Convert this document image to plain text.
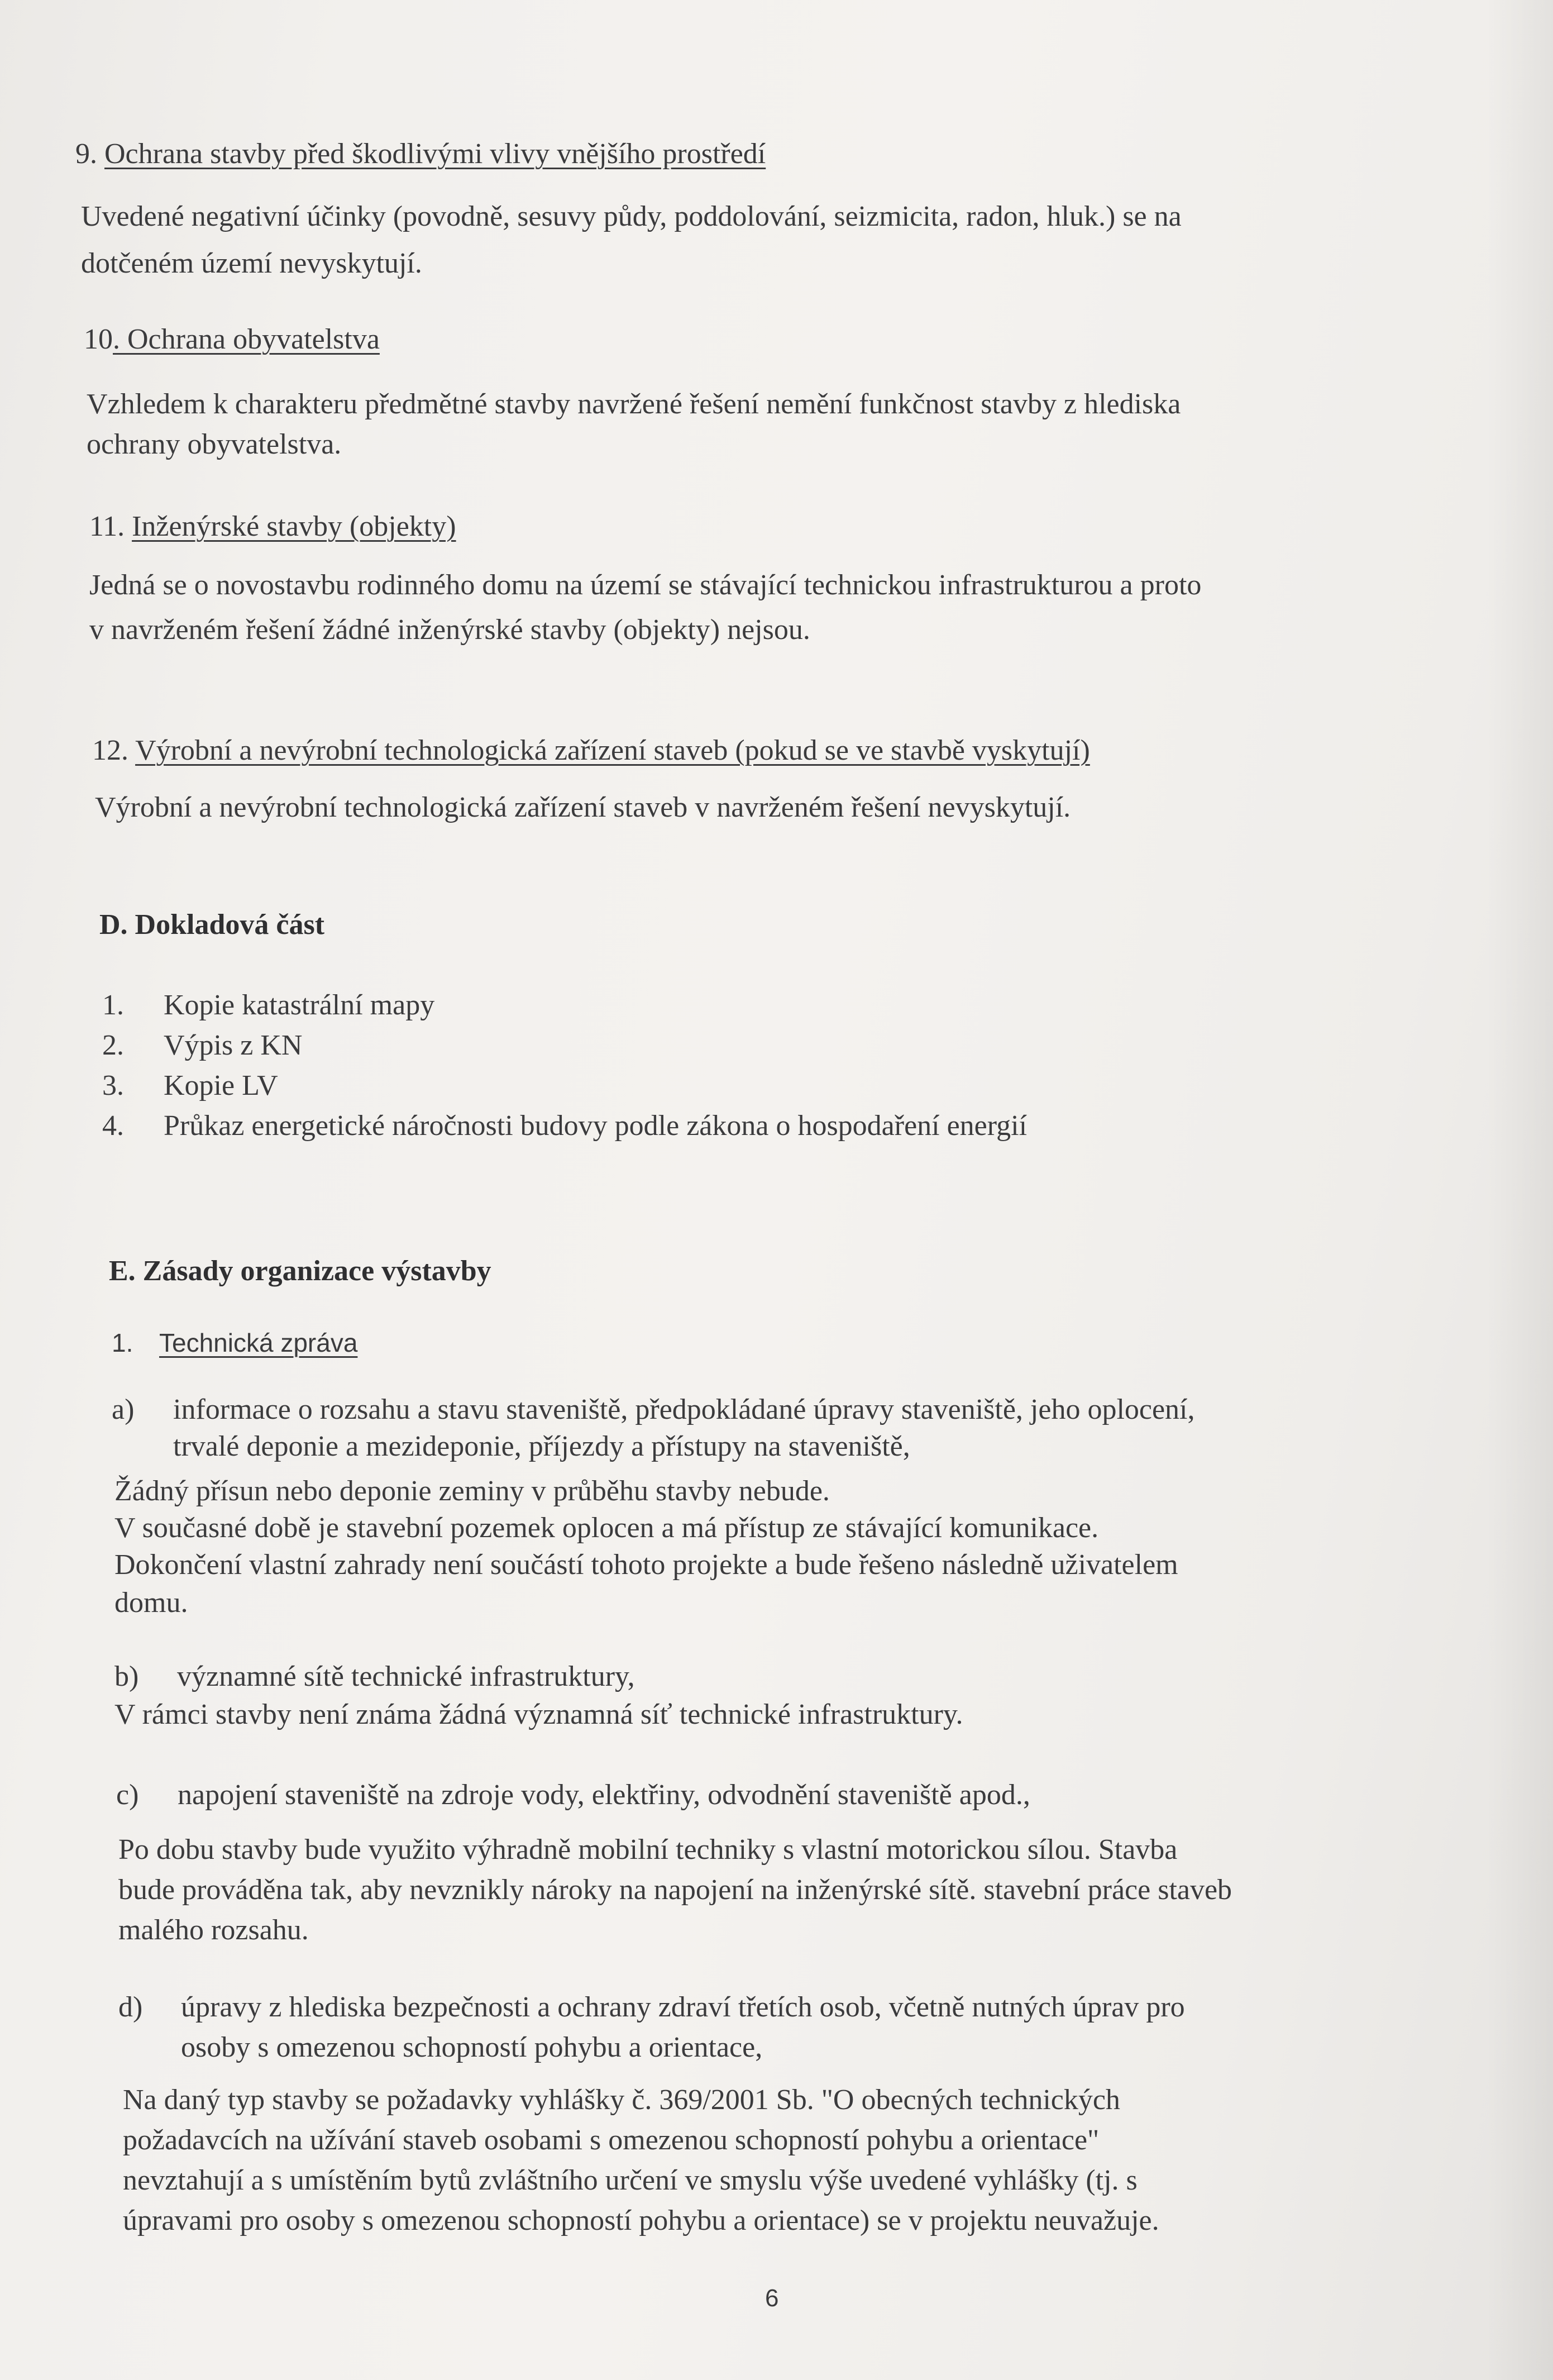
9. Ochrana stavby před škodlivými vlivy vnějšího prostředí

Uvedené negativní účinky (povodně, sesuvy půdy, poddolování, seizmicita, radon, hluk.) se na

dotčeném území nevyskytují.

10. Ochrana obyvatelstva

Vzhledem k charakteru předmětné stavby navržené řešení nemění funkčnost stavby z hlediska

ochrany obyvatelstva.

11. Inženýrské stavby (objekty)

Jedná se o novostavbu rodinného domu na území se stávající technickou infrastrukturou a proto

v navrženém řešení žádné inženýrské stavby (objekty) nejsou.

12. Výrobní a nevýrobní technologická zařízení staveb (pokud se ve stavbě vyskytují)

Výrobní a nevýrobní technologická zařízení staveb v navrženém řešení nevyskytují.

D. Dokladová část

1. Kopie katastrální mapy

2. Výpis z KN

3. Kopie LV

4. Průkaz energetické náročnosti budovy podle zákona o hospodaření energií

E. Zásady organizace výstavby

1. Technická zpráva

a) informace o rozsahu a stavu staveniště, předpokládané úpravy staveniště, jeho oplocení,

trvalé deponie a mezideponie, příjezdy a přístupy na staveniště,

Žádný přísun nebo deponie zeminy v průběhu stavby nebude.

V současné době je stavební pozemek oplocen a má přístup ze stávající komunikace.

Dokončení vlastní zahrady není součástí tohoto projekte a bude řešeno následně uživatelem

domu.

b) významné sítě technické infrastruktury,

V rámci stavby není známa žádná významná síť technické infrastruktury.

c) napojení staveniště na zdroje vody, elektřiny, odvodnění staveniště apod.,

Po dobu stavby bude využito výhradně mobilní techniky s vlastní motorickou sílou. Stavba

bude prováděna tak, aby nevznikly nároky na napojení na inženýrské sítě. stavební práce staveb

malého rozsahu.

d) úpravy z hlediska bezpečnosti a ochrany zdraví třetích osob, včetně nutných úprav pro

osoby s omezenou schopností pohybu a orientace,

Na daný typ stavby se požadavky vyhlášky č. 369/2001 Sb. "O obecných technických

požadavcích na užívání staveb osobami s omezenou schopností pohybu a orientace"

nevztahují a s umístěním bytů zvláštního určení ve smyslu výše uvedené vyhlášky (tj. s

úpravami pro osoby s omezenou schopností pohybu a orientace) se v projektu neuvažuje.

6
